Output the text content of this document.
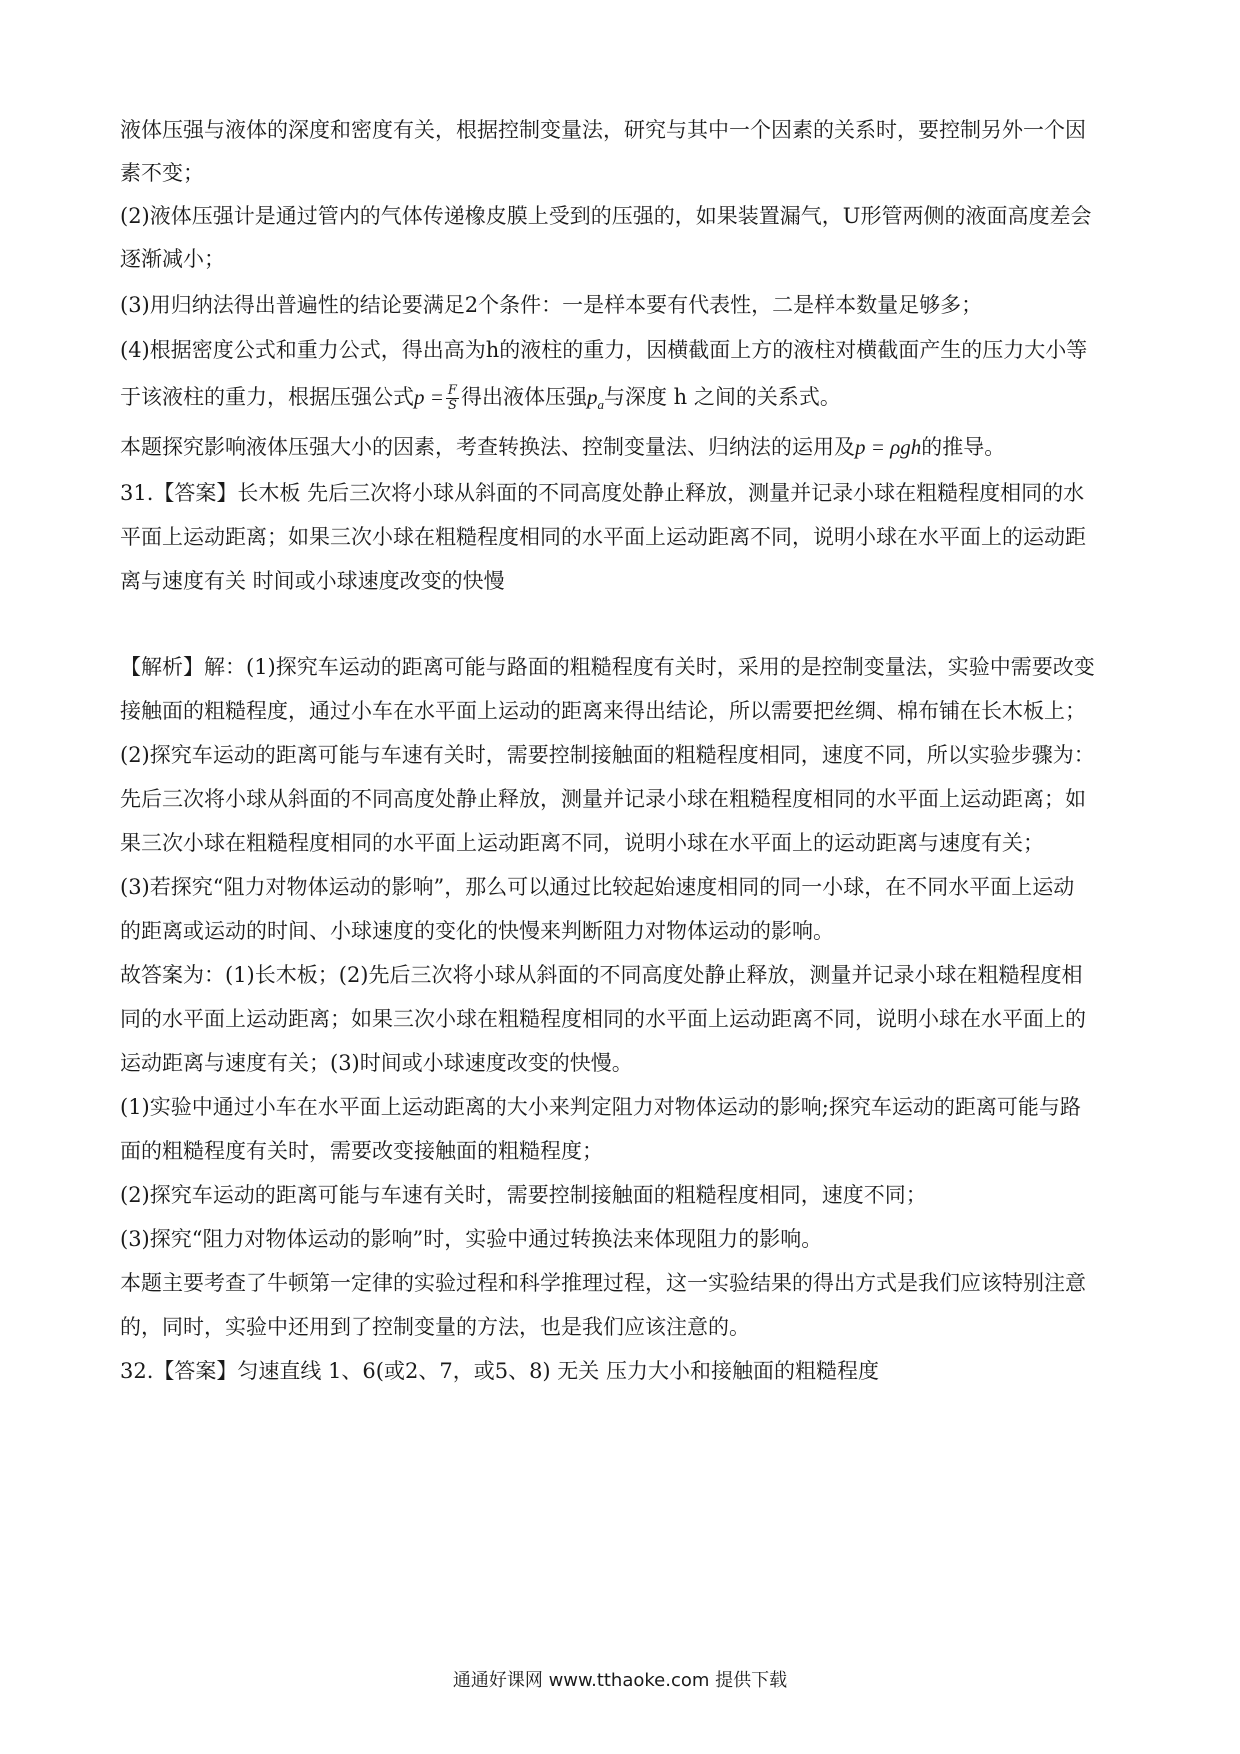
液体压强与液体的深度和密度有关，根据控制变量法，研究与其中一个因素的关系时，要控制另外一个因
素不变；
(2)液体压强计是通过管内的气体传递橡皮膜上受到的压强的，如果装置漏气，U形管两侧的液面高度差会
逐渐减小；
(3)用归纳法得出普遍性的结论要满足2个条件：一是样本要有代表性，二是样本数量足够多；
(4)根据密度公式和重力公式，得出高为h的液柱的重力，因横截面上方的液柱对横截面产生的压力大小等
于该液柱的重力，根据压强公式$p = \frac{F}{S}$ 得出液体压强$p_a$与深度 h 之间的关系式。
本题探究影响液体压强大小的因素，考查转换法、控制变量法、归纳法的运用及p = ρgh的推导。
31.【答案】长木板 先后三次将小球从斜面的不同高度处静止释放，测量并记录小球在粗糙程度相同的水
平面上运动距离；如果三次小球在粗糙程度相同的水平面上运动距离不同，说明小球在水平面上的运动距
离与速度有关 时间或小球速度改变的快慢
【解析】解：(1)探究车运动的距离可能与路面的粗糙程度有关时，采用的是控制变量法，实验中需要改变
接触面的粗糙程度，通过小车在水平面上运动的距离来得出结论，所以需要把丝绸、棉布铺在长木板上；
(2)探究车运动的距离可能与车速有关时，需要控制接触面的粗糙程度相同，速度不同，所以实验步骤为：
先后三次将小球从斜面的不同高度处静止释放，测量并记录小球在粗糙程度相同的水平面上运动距离；如
果三次小球在粗糙程度相同的水平面上运动距离不同，说明小球在水平面上的运动距离与速度有关；
(3)若探究“阻力对物体运动的影响”，那么可以通过比较起始速度相同的同一小球，在不同水平面上运动
的距离或运动的时间、小球速度的变化的快慢来判断阻力对物体运动的影响。
故答案为：(1)长木板；(2)先后三次将小球从斜面的不同高度处静止释放，测量并记录小球在粗糙程度相
同的水平面上运动距离；如果三次小球在粗糙程度相同的水平面上运动距离不同，说明小球在水平面上的
运动距离与速度有关；(3)时间或小球速度改变的快慢。
(1)实验中通过小车在水平面上运动距离的大小来判定阻力对物体运动的影响;探究车运动的距离可能与路
面的粗糙程度有关时，需要改变接触面的粗糙程度；
(2)探究车运动的距离可能与车速有关时，需要控制接触面的粗糙程度相同，速度不同；
(3)探究“阻力对物体运动的影响”时，实验中通过转换法来体现阻力的影响。
本题主要考查了牛顿第一定律的实验过程和科学推理过程，这一实验结果的得出方式是我们应该特别注意
的，同时，实验中还用到了控制变量的方法，也是我们应该注意的。
32.【答案】匀速直线 1、6(或2、7，或5、8) 无关 压力大小和接触面的粗糙程度
通通好课网 www.tthaoke.com 提供下载
